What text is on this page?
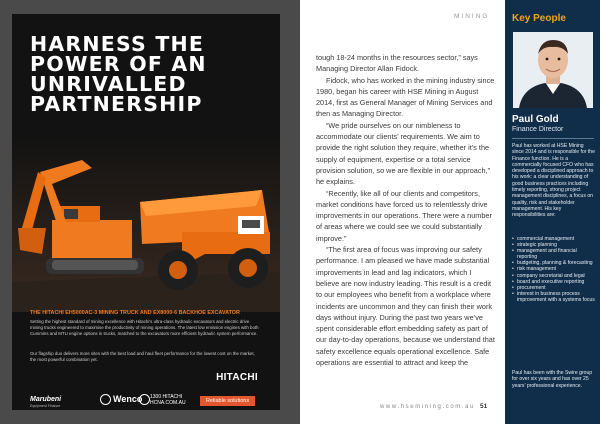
HARNESS THE
POWER OF AN
UNRIVALLED
PARTNERSHIP
THE HITACHI EH5000AC-3 MINING TRUCK AND EX8000-6 BACKHOE EXCAVATOR

Setting the highest standard of mining excellence with Hitachi's ultra-class hydraulic excavators and electric drive mining trucks engineered to maximise the productivity of mining operations. The latest low emission engines with both Cummins and MTU engine options in trucks, matched to the excavators more efficient hydraulic system performance.

Our flagship duo delivers more sites with the best load and haul fleet performance for the lowest cost on the market, the most powerful combination yet.

HITACHI
Marubeni
Equipment Finance
Wenco 1300 HITACHI
HCNA.COM.AU	Reliable solutions

tough 18-24 months in the resources sector,” says Managing Director Allan Fidock.

Fidock, who has worked in the mining industry since 1980, began his career with HSE Mining in August 2014, first as General Manager of Mining Services and then as Managing Director.

“We pride ourselves on our nimbleness to accommodate our clients’ requirements. We aim to provide the right solution they require, whether it’s the supply of equipment, expertise or a total service provision solution, so we are flexible in our approach,” he explains.

“Recently, like all of our clients and competitors, market conditions have forced us to relentlessly drive improvements in our operations. There were a number of areas where we could see we could substantially improve.”

“The first area of focus was improving our safety performance. I am pleased we have made substantial improvements in lead and lag indicators, which I believe are now industry leading. This result is a credit to our employees who benefit from a workplace where incidents are uncommon and they can finish their work days without injury. During the past two years we’ve spent considerable effort embedding safety as part of our day-to-day operations, because we understand that safety excellence equals operational excellence. Safe operations are essential to attract and keep the

MINING
www.hsemining.com.au 51
Key People
Paul Gold
Finance Director

Paul has worked at HSE Mining since 2014 and is responsible for the Finance function. He is a commercially focused CFO who has developed a disciplined approach to his work: a clear understanding of good business practices including timely reporting, strong project management disciplines, a focus on quality, risk and stakeholder management. His key responsibilities are:

• commercial management
• strategic planning
• management and financial reporting
• budgeting, planning & forecasting
• risk management
• company secretarial and legal
• board and executive reporting
• procurement
• interest in business process improvement with a systems focus

Paul has been with the Swire group for over six years and has over 25 years’ professional experience.
